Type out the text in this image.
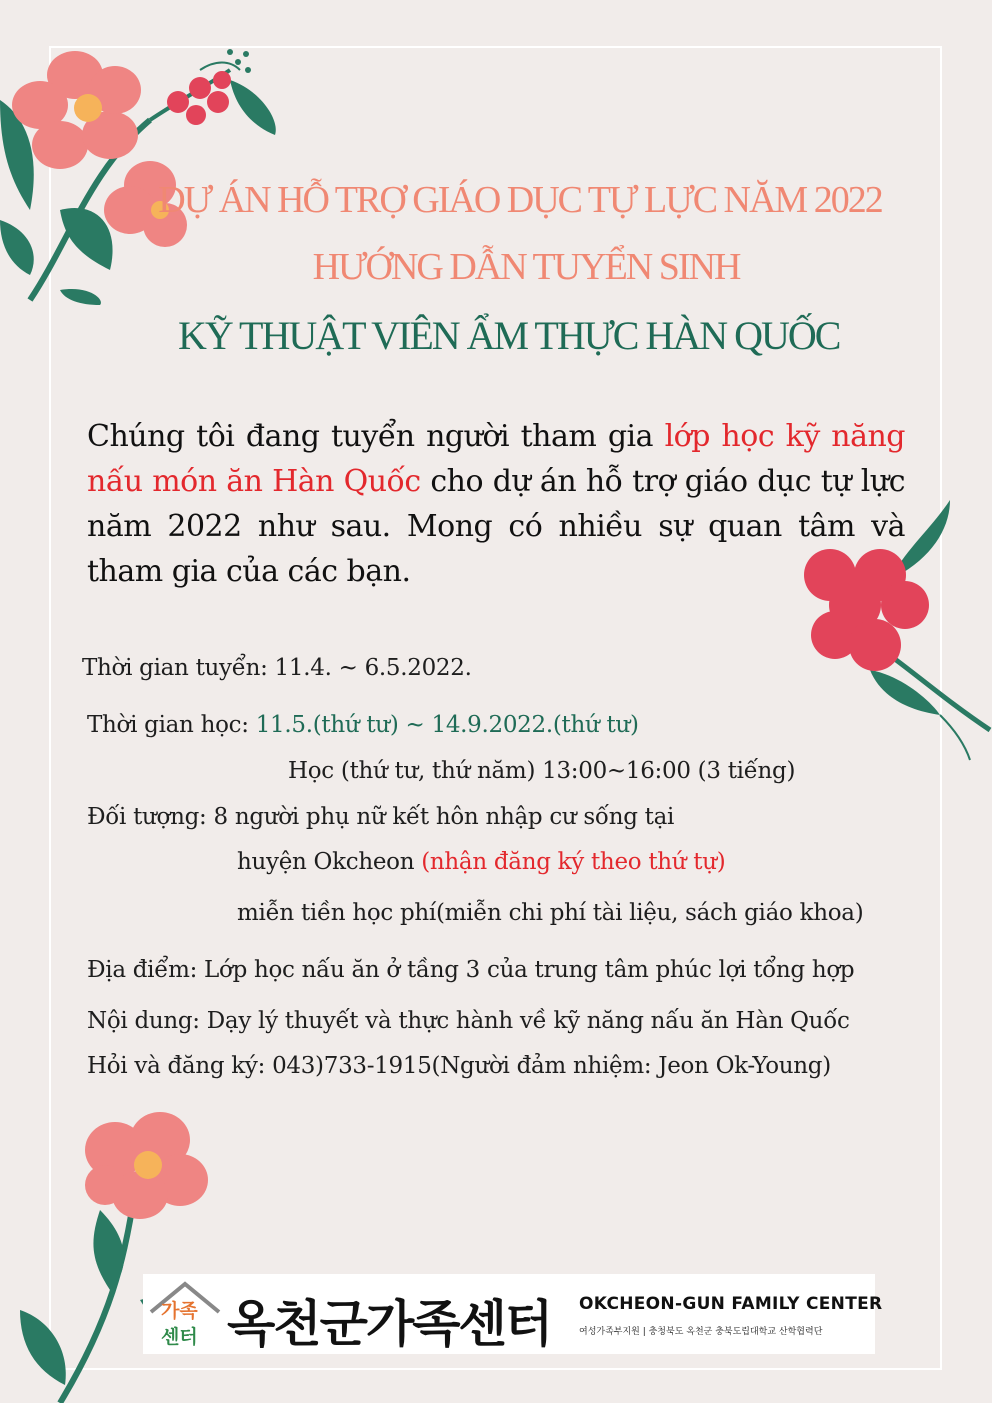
DỰ ÁN HỖ TRỢ GIÁO DỤC TỰ LỰC NĂM 2022
HƯỚNG DẪN TUYỂN SINH
KỸ THUẬT VIÊN ẨM THỰC HÀN QUỐC
Chúng tôi đang tuyển người tham gia lớp học kỹ năng nấu món ăn Hàn Quốc cho dự án hỗ trợ giáo dục tự lực năm 2022 như sau. Mong có nhiều sự quan tâm và tham gia của các bạn.
Thời gian tuyển: 11.4. ~ 6.5.2022.
Thời gian học: 11.5.(thứ tư) ~ 14.9.2022.(thứ tư)
Học (thứ tư, thứ năm) 13:00~16:00 (3 tiếng)
Đối tượng: 8 người phụ nữ kết hôn nhập cư sống tại
huyện Okcheon (nhận đăng ký theo thứ tự)
miễn tiền học phí(miễn chi phí tài liệu, sách giáo khoa)
Địa điểm: Lớp học nấu ăn ở tầng 3 của trung tâm phúc lợi tổng hợp
Nội dung: Dạy lý thuyết và thực hành về kỹ năng nấu ăn Hàn Quốc
Hỏi và đăng ký: 043)733-1915(Người đảm nhiệm: Jeon Ok-Young)
가족
센터 옥천군가족센터 OKCHEON-GUN FAMILY CENTER
여성가족부지원 | 충청북도 옥천군 충북도립대학교 산학협력단
